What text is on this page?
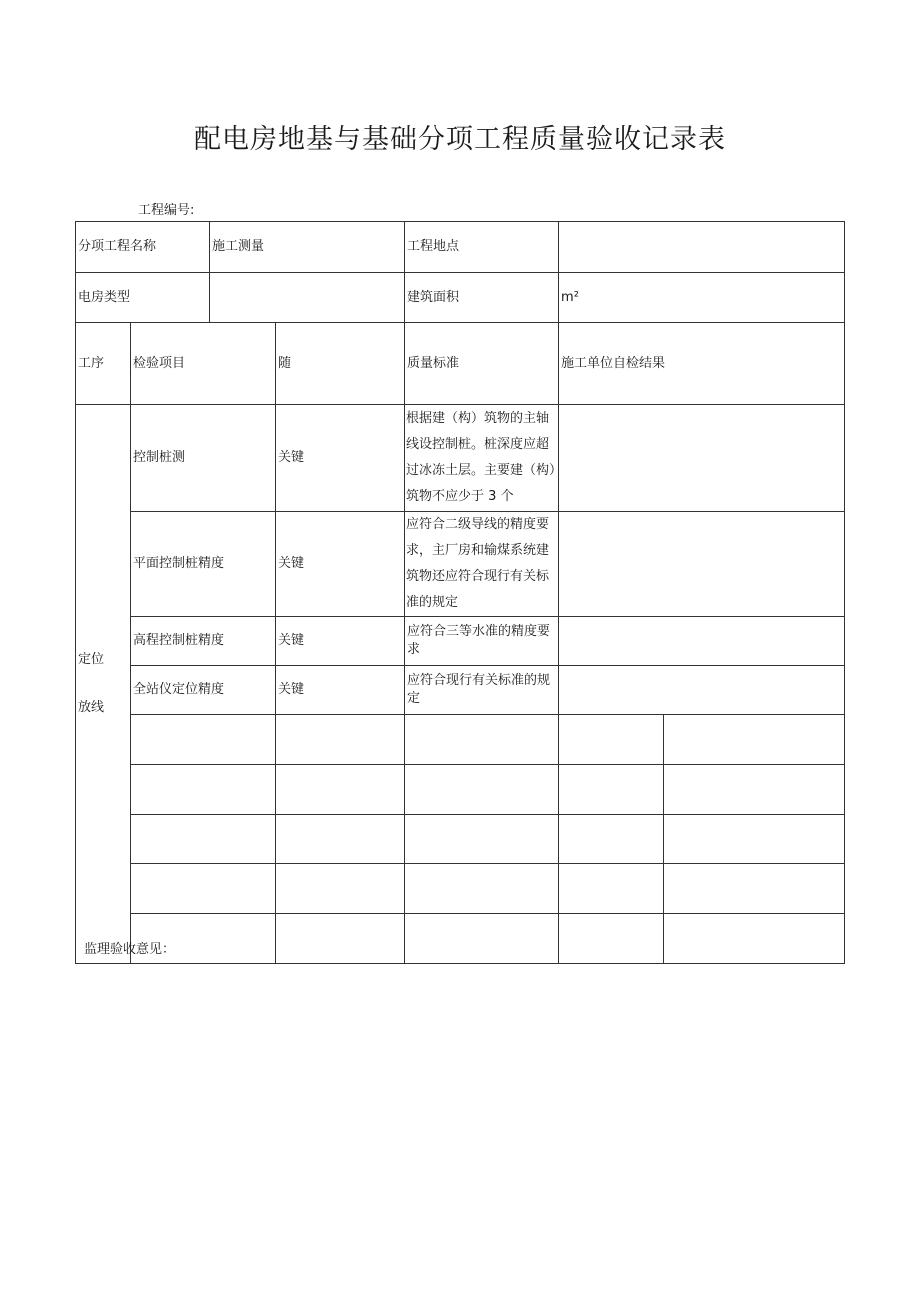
配电房地基与基础分项工程质量验收记录表
工程编号:
分项工程名称		施工测量		工程地点		
电房类型				建筑面积	m²	
工序	检验项目		随	质量标准	施工单位自检结果	

定位
放线	控制桩测		关键	根据建（构）筑物的主轴线设控制桩。桩深度应超过冰冻土层。主要建（构）筑物不应少于 3 个		
	平面控制桩精度		关键	应符合二级导线的精度要求，主厂房和输煤系统建筑物还应符合现行有关标准的规定		
	高程控制桩精度		关键	应符合三等水准的精度要求		
	全站仪定位精度		关键	应符合现行有关标准的规定		

监理验收意见：
